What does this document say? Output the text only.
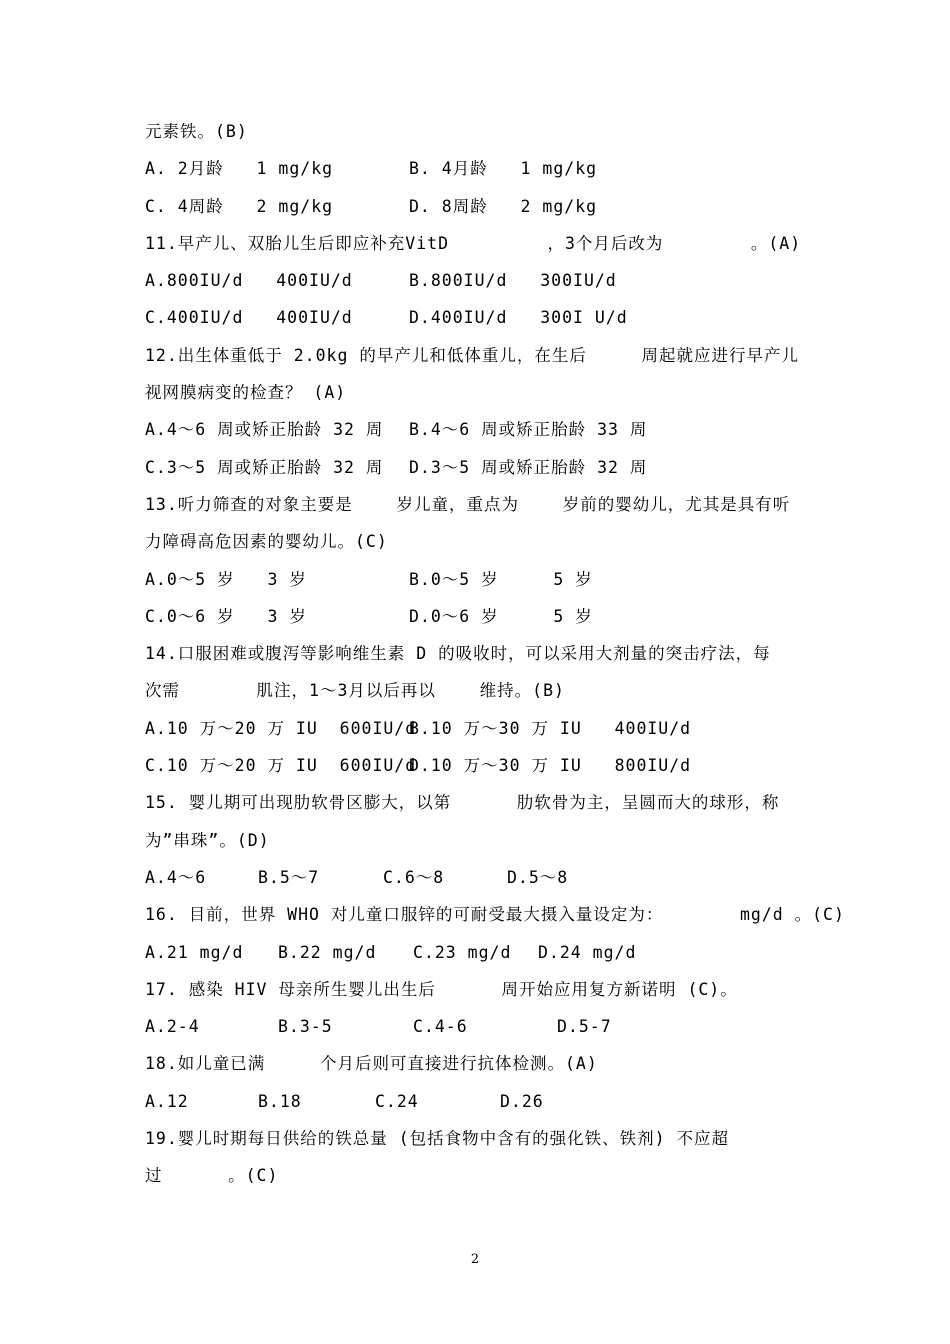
元素铁。(B)
A. 2月龄   1 mg/kg	B. 4月龄   1 mg/kg
C. 4周龄   2 mg/kg	D. 8周龄   2 mg/kg
11.早产儿、双胎儿生后即应补充VitD         ，3个月后改为        。(A)
A.800IU/d   400IU/d	B.800IU/d   300IU/d
C.400IU/d   400IU/d	D.400IU/d   300I U/d
12.出生体重低于 2.0kg 的早产儿和低体重儿，在生后     周起就应进行早产儿
视网膜病变的检查？ (A)
A.4～6 周或矫正胎龄 32 周 B.4～6 周或矫正胎龄 33 周
C.3～5 周或矫正胎龄 32 周 D.3～5 周或矫正胎龄 32 周
13.听力筛查的对象主要是    岁儿童，重点为    岁前的婴幼儿，尤其是具有听
力障碍高危因素的婴幼儿。(C)
A.0～5 岁   3 岁	B.0～5 岁     5 岁
C.0～6 岁   3 岁	D.0～6 岁     5 岁
14.口服困难或腹泻等影响维生素 D 的吸收时，可以采用大剂量的突击疗法，每
次需       肌注，1～3月以后再以    维持。(B)
A.10 万～20 万 IU  600IU/d
B.10 万～30 万 IU   400IU/d
C.10 万～20 万 IU  600IU/d
D.10 万～30 万 IU   800IU/d
15. 婴儿期可出现肋软骨区膨大，以第      肋软骨为主，呈圆而大的球形，称
为”串珠”。(D)
A.4～6	B.5～7	C.6～8	D.5～8
16. 目前，世界 WHO 对儿童口服锌的可耐受最大摄入量设定为：       mg/d 。(C)
A.21 mg/d B.22 mg/d C.23 mg/d D.24 mg/d
17. 感染 HIV 母亲所生婴儿出生后      周开始应用复方新诺明 (C)。
A.2-4	B.3-5	C.4-6	D.5-7
18.如儿童已满     个月后则可直接进行抗体检测。(A)
A.12	B.18	C.24	D.26
19.婴儿时期每日供给的铁总量 (包括食物中含有的强化铁、铁剂) 不应超
过      。(C)
2
